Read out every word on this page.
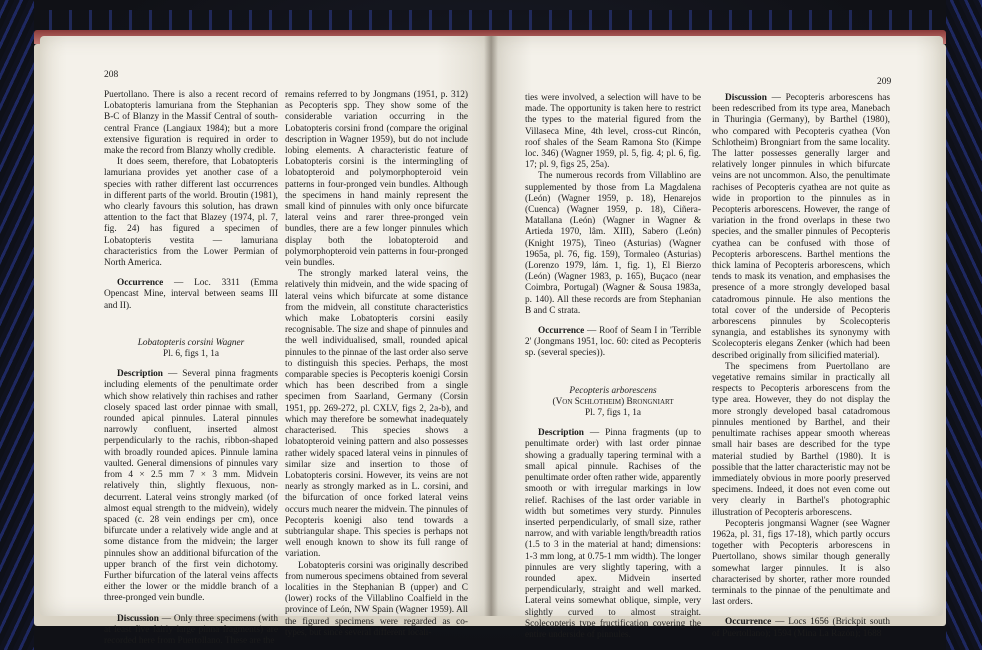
208
209

Puertollano. There is also a recent record of Lobatopteris lamuriana from the Stephanian B-C of Blanzy in the Massif Central of south-central France (Langiaux 1984); but a more extensive figuration is required in order to make the record from Blanzy wholly credible.

It does seem, therefore, that Lobatopteris lamuriana provides yet another case of a species with rather different last occurrences in different parts of the world. Broutin (1981), who clearly favours this solution, has drawn attention to the fact that Blazey (1974, pl. 7, fig. 24) has figured a specimen of Lobatopteris vestita — lamuriana characteristics from the Lower Permian of North America.

Occurrence — Loc. 3311 (Emma Opencast Mine, interval between seams III and II).

Lobatopteris corsini Wagner

Pl. 6, figs 1, 1a

Description — Several pinna fragments including elements of the penultimate order which show relatively thin rachises and rather closely spaced last order pinnae with small, rounded apical pinnules. Lateral pinnules narrowly confluent, inserted almost perpendicularly to the rachis, ribbon-shaped with broadly rounded apices. Pinnule lamina vaulted. General dimensions of pinnules vary from 4 × 2.5 mm 7 × 3 mm. Midvein relatively thin, slightly flexuous, non-decurrent. Lateral veins strongly marked (of almost equal strength to the midvein), widely spaced (c. 28 vein endings per cm), once bifurcate under a relatively wide angle and at some distance from the midvein; the larger pinnules show an additional bifurcation of the upper branch of the first vein dichotomy. Further bifurcation of the lateral veins affects either the lower or the middle branch of a three-pronged vein bundle.

Discussion — Only three specimens (with at least five fairly large pinna fragments) are recorded here from Puertollano. These are the

remains referred to by Jongmans (1951, p. 312) as Pecopteris spp. They show some of the considerable variation occurring in the Lobatopteris corsini frond (compare the original description in Wagner 1959), but do not include lobing elements. A characteristic feature of Lobatopteris corsini is the intermingling of lobatopteroid and polymorphopteroid vein patterns in four-pronged vein bundles. Although the specimens in hand mainly represent the small kind of pinnules with only once bifurcate lateral veins and rarer three-pronged vein bundles, there are a few longer pinnules which display both the lobatopteroid and polymorphopteroid vein patterns in four-pronged vein bundles.

The strongly marked lateral veins, the relatively thin midvein, and the wide spacing of lateral veins which bifurcate at some distance from the midvein, all constitute characteristics which make Lobatopteris corsini easily recognisable. The size and shape of pinnules and the well individualised, small, rounded apical pinnules to the pinnae of the last order also serve to distinguish this species. Perhaps, the most comparable species is Pecopteris koenigi Corsin which has been described from a single specimen from Saarland, Germany (Corsin 1951, pp. 269-272, pl. CXLV, figs 2, 2a-b), and which may therefore be somewhat inadequately characterised. This species shows a lobatopteroid veining pattern and also possesses rather widely spaced lateral veins in pinnules of similar size and insertion to those of Lobatopteris corsini. However, its veins are not nearly as strongly marked as in L. corsini, and the bifurcation of once forked lateral veins occurs much nearer the midvein. The pinnules of Pecopteris koenigi also tend towards a subtriangular shape. This species is perhaps not well enough known to show its full range of variation.

Lobatopteris corsini was originally described from numerous specimens obtained from several localities in the Stephanian B (upper) and C (lower) rocks of the Villablino Coalfield in the province of León, NW Spain (Wagner 1959). All the figured specimens were regarded as co-types, but since several different locali-

ties were involved, a selection will have to be made. The opportunity is taken here to restrict the types to the material figured from the Villaseca Mine, 4th level, cross-cut Rincón, roof shales of the Seam Ramona Sto (Kimpe loc. 346) (Wagner 1959, pl. 5, fig. 4; pl. 6, fig. 17; pl. 9, figs 25, 25a).

The numerous records from Villablino are supplemented by those from La Magdalena (León) (Wagner 1959, p. 18), Henarejos (Cuenca) (Wagner 1959, p. 18), Ciñera-Matallana (León) (Wagner in Wagner & Artieda 1970, lâm. XIII), Sabero (León) (Knight 1975), Tineo (Asturias) (Wagner 1965a, pl. 76, fig. 159), Tormaleo (Asturias) (Lorenzo 1979, lám. 1, fig. 1), El Bierzo (León) (Wagner 1983, p. 165), Buçaco (near Coimbra, Portugal) (Wagner & Sousa 1983a, p. 140). All these records are from Stephanian B and C strata.

Occurrence — Roof of Seam I in 'Terrible 2' (Jongmans 1951, loc. 60: cited as Pecopteris sp. (several species)).

Pecopteris arborescens

(Von Schlotheim) Brongniart

Pl. 7, figs 1, 1a

Description — Pinna fragments (up to penultimate order) with last order pinnae showing a gradually tapering terminal with a small apical pinnule. Rachises of the penultimate order often rather wide, apparently smooth or with irregular markings in low relief. Rachises of the last order variable in width but sometimes very sturdy. Pinnules inserted perpendicularly, of small size, rather narrow, and with variable length/breadth ratios (1.5 to 3 in the material at hand; dimensions: 1-3 mm long, at 0.75-1 mm width). The longer pinnules are very slightly tapering, with a rounded apex. Midvein inserted perpendicularly, straight and well marked. Lateral veins somewhat oblique, simple, very slightly curved to almost straight. Scolecopteris type fructification covering the entire underside of pinnules.

Discussion — Pecopteris arborescens has been redescribed from its type area, Manebach in Thuringia (Germany), by Barthel (1980), who compared with Pecopteris cyathea (Von Schlotheim) Brongniart from the same locality. The latter possesses generally larger and relatively longer pinnules in which bifurcate veins are not uncommon. Also, the penultimate rachises of Pecopteris cyathea are not quite as wide in proportion to the pinnules as in Pecopteris arborescens. However, the range of variation in the frond overlaps in these two species, and the smaller pinnules of Pecopteris cyathea can be confused with those of Pecopteris arborescens. Barthel mentions the thick lamina of Pecopteris arborescens, which tends to mask its venation, and emphasises the presence of a more strongly developed basal catadromous pinnule. He also mentions the total cover of the underside of Pecopteris arborescens pinnules by Scolecopteris synangia, and establishes its synonymy with Scolecopteris elegans Zenker (which had been described originally from silicified material).

The specimens from Puertollano are vegetative remains similar in practically all respects to Pecopteris arborescens from the type area. However, they do not display the more strongly developed basal catadromous pinnules mentioned by Barthel, and their penultimate rachises appear smooth whereas small hair bases are described for the type material studied by Barthel (1980). It is possible that the latter characteristic may not be immediately obvious in more poorly preserved specimens. Indeed, it does not even come out very clearly in Barthel's photographic illustration of Pecopteris arborescens.

Pecopteris jongmansi Wagner (see Wagner 1962a, pl. 31, figs 17-18), which partly occurs together with Pecopteris arborescens in Puertollano, shows similar though generally somewhat larger pinnules. It is also characterised by shorter, rather more rounded terminals to the pinnae of the penultimate and last orders.

Occurrence — Locs 1656 (Brickpit south of Puertollano); 1594 (Mina La Razón); 1688
